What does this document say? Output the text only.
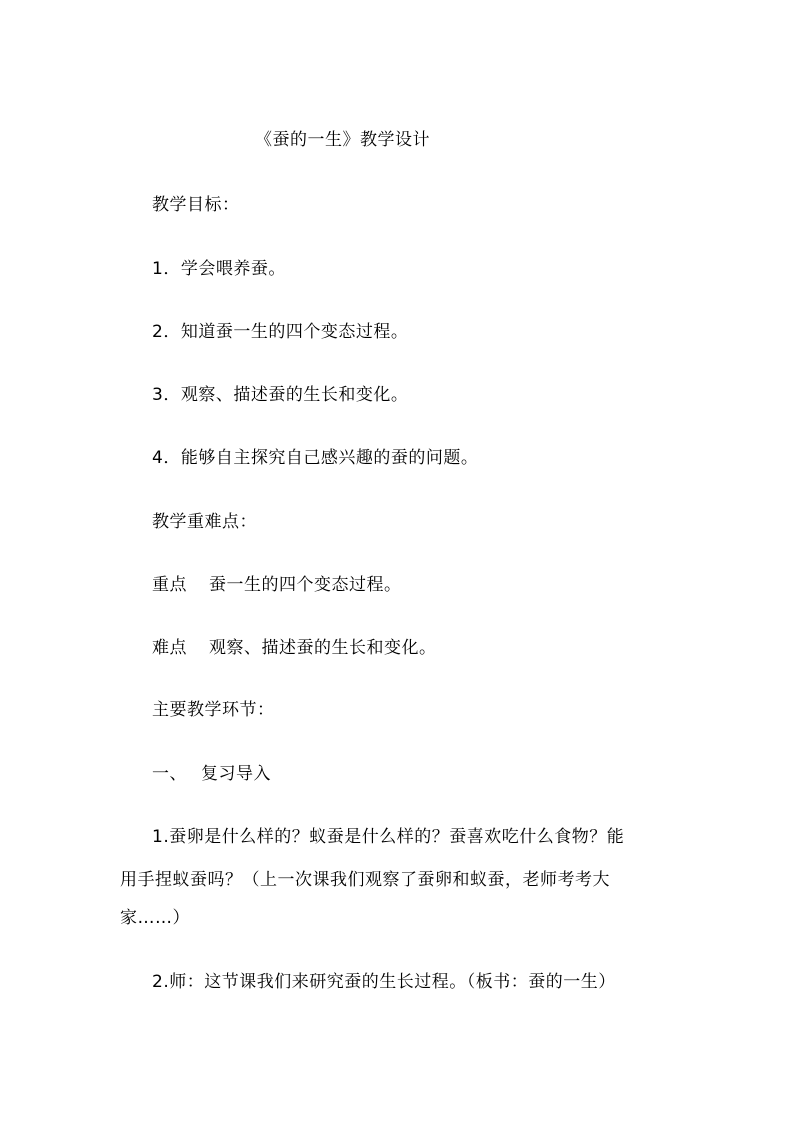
《蚕的一生》教学设计
教学目标：
1．学会喂养蚕。
2．知道蚕一生的四个变态过程。
3．观察、描述蚕的生长和变化。
4．能够自主探究自己感兴趣的蚕的问题。
教学重难点：
重点 蚕一生的四个变态过程。
难点 观察、描述蚕的生长和变化。
主要教学环节：
一、 复习导入
1.蚕卵是什么样的？蚁蚕是什么样的？蚕喜欢吃什么食物？能
用手捏蚁蚕吗？（上一次课我们观察了蚕卵和蚁蚕，老师考考大
家……）
2.师：这节课我们来研究蚕的生长过程。（板书：蚕的一生）
